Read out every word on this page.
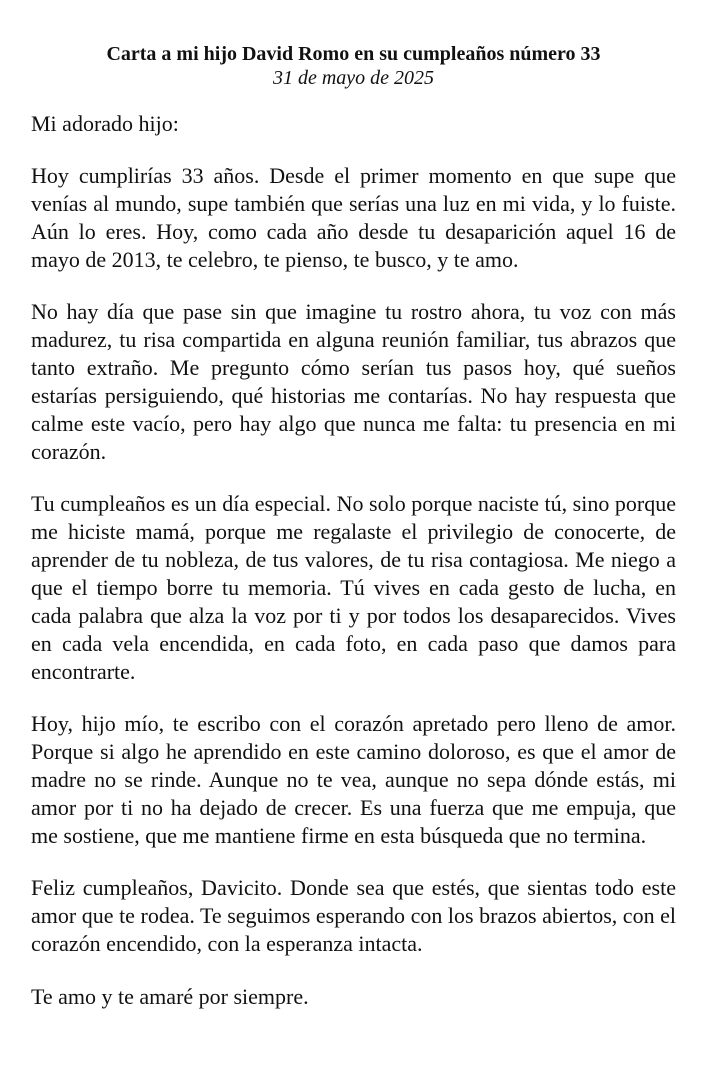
Carta a mi hijo David Romo en su cumpleaños número 33

31 de mayo de 2025

Mi adorado hijo:

Hoy cumplirías 33 años. Desde el primer momento en que supe que venías al mundo, supe también que serías una luz en mi vida, y lo fuiste. Aún lo eres. Hoy, como cada año desde tu desaparición aquel 16 de mayo de 2013, te celebro, te pienso, te busco, y te amo.

No hay día que pase sin que imagine tu rostro ahora, tu voz con más madurez, tu risa compartida en alguna reunión familiar, tus abrazos que tanto extraño. Me pregunto cómo serían tus pasos hoy, qué sueños estarías persiguiendo, qué historias me contarías. No hay respuesta que calme este vacío, pero hay algo que nunca me falta: tu presencia en mi corazón.

Tu cumpleaños es un día especial. No solo porque naciste tú, sino porque me hiciste mamá, porque me regalaste el privilegio de conocerte, de aprender de tu nobleza, de tus valores, de tu risa contagiosa. Me niego a que el tiempo borre tu memoria. Tú vives en cada gesto de lucha, en cada palabra que alza la voz por ti y por todos los desaparecidos. Vives en cada vela encendida, en cada foto, en cada paso que damos para encontrarte.

Hoy, hijo mío, te escribo con el corazón apretado pero lleno de amor. Porque si algo he aprendido en este camino doloroso, es que el amor de madre no se rinde. Aunque no te vea, aunque no sepa dónde estás, mi amor por ti no ha dejado de crecer. Es una fuerza que me empuja, que me sostiene, que me mantiene firme en esta búsqueda que no termina.

Feliz cumpleaños, Davicito. Donde sea que estés, que sientas todo este amor que te rodea. Te seguimos esperando con los brazos abiertos, con el corazón encendido, con la esperanza intacta.

Te amo y te amaré por siempre.
